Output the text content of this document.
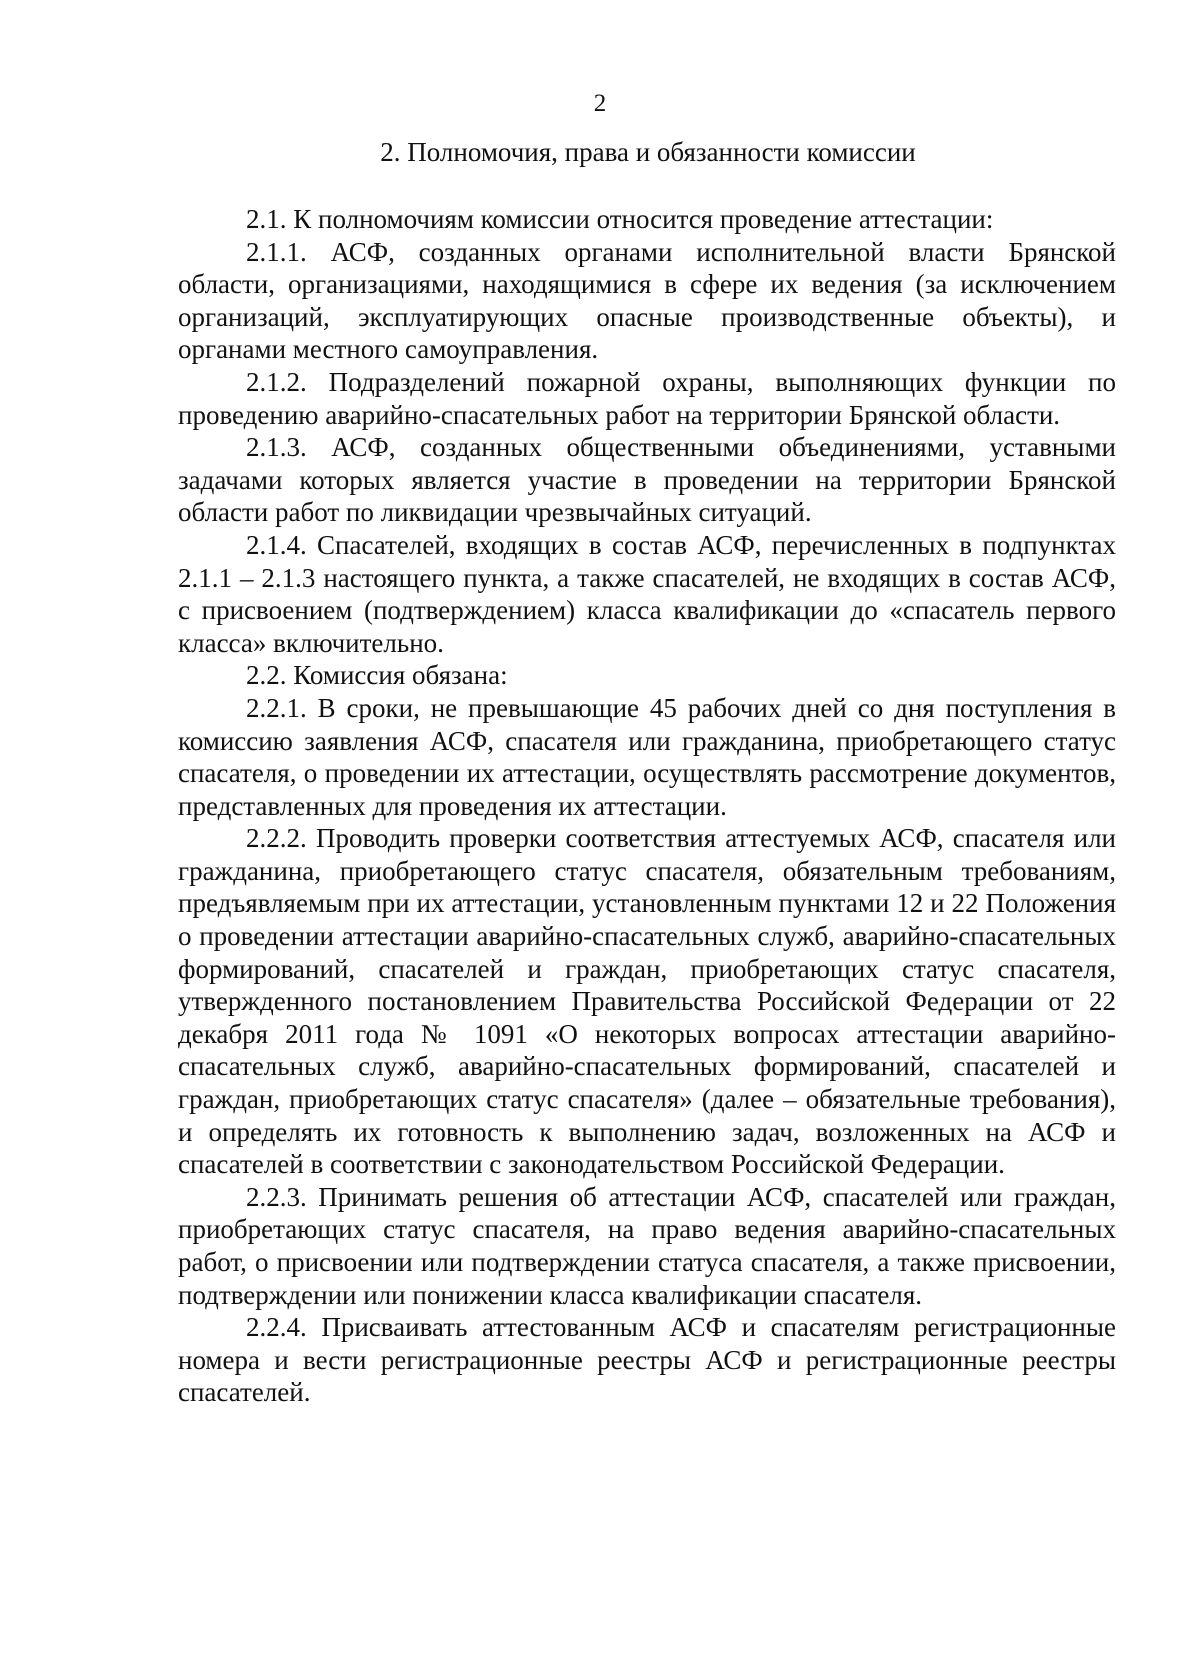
2
2. Полномочия, права и обязанности комиссии

2.1. К полномочиям комиссии относится проведение аттестации:

2.1.1. АСФ, созданных органами исполнительной власти Брянской области, организациями, находящимися в сфере их ведения (за исключением организаций, эксплуатирующих опасные производственные объекты), и органами местного самоуправления.

2.1.2. Подразделений пожарной охраны, выполняющих функции по проведению аварийно-спасательных работ на территории Брянской области.

2.1.3. АСФ, созданных общественными объединениями, уставными задачами которых является участие в проведении на территории Брянской области работ по ликвидации чрезвычайных ситуаций.

2.1.4. Спасателей, входящих в состав АСФ, перечисленных в подпунктах 2.1.1 – 2.1.3 настоящего пункта, а также спасателей, не входящих в состав АСФ, с присвоением (подтверждением) класса квалификации до «спасатель первого класса» включительно.

2.2. Комиссия обязана:

2.2.1. В сроки, не превышающие 45 рабочих дней со дня поступления в комиссию заявления АСФ, спасателя или гражданина, приобретающего статус спасателя, о проведении их аттестации, осуществлять рассмотрение документов, представленных для проведения их аттестации.

2.2.2. Проводить проверки соответствия аттестуемых АСФ, спасателя или гражданина, приобретающего статус спасателя, обязательным требованиям, предъявляемым при их аттестации, установленным пунктами 12 и 22 Положения о проведении аттестации аварийно-спасательных служб, аварийно-спасательных формирований, спасателей и граждан, приобретающих статус спасателя, утвержденного постановлением Правительства Российской Федерации от 22 декабря 2011 года № 1091 «О некоторых вопросах аттестации аварийно-спасательных служб, аварийно-спасательных формирований, спасателей и граждан, приобретающих статус спасателя» (далее – обязательные требования), и определять их готовность к выполнению задач, возложенных на АСФ и спасателей в соответствии с законодательством Российской Федерации.

2.2.3. Принимать решения об аттестации АСФ, спасателей или граждан, приобретающих статус спасателя, на право ведения аварийно-спасательных работ, о присвоении или подтверждении статуса спасателя, а также присвоении, подтверждении или понижении класса квалификации спасателя.

2.2.4. Присваивать аттестованным АСФ и спасателям регистрационные номера и вести регистрационные реестры АСФ и регистрационные реестры спасателей.
